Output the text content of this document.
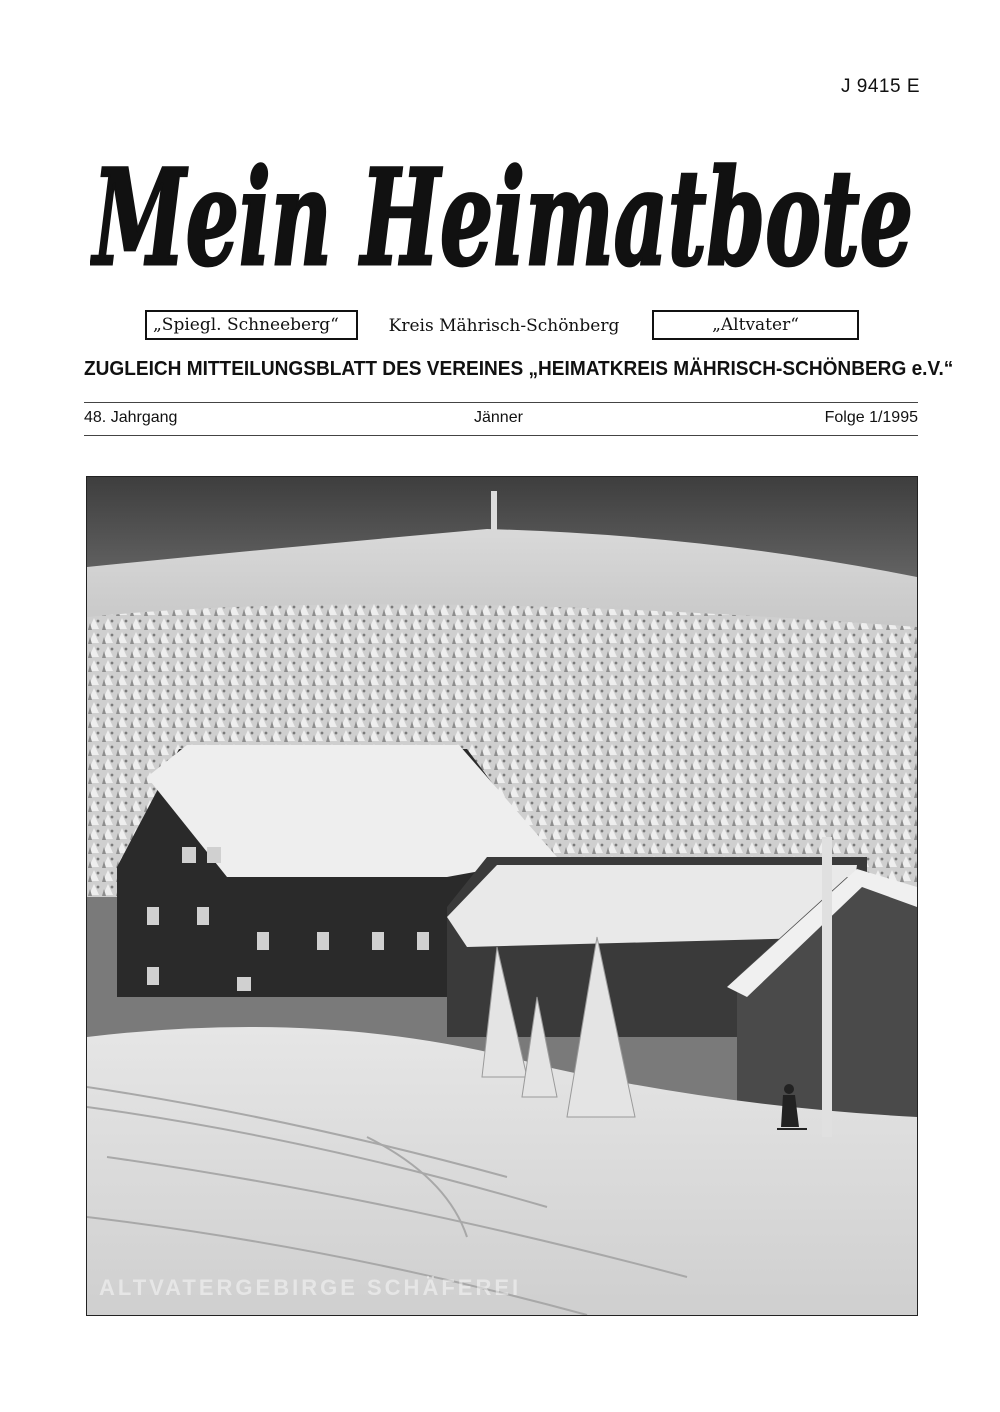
J 9415 E
Mein Heimatbote
„Spiegl. Schneeberg“	Kreis Mährisch-Schönberg	„Altvater“
ZUGLEICH MITTEILUNGSBLATT DES VEREINES „HEIMATKREIS MÄHRISCH-SCHÖNBERG e.V.“
48. Jahrgang	Jänner	Folge 1/1995
ALTVATERGEBIRGE SCHÄFEREI
